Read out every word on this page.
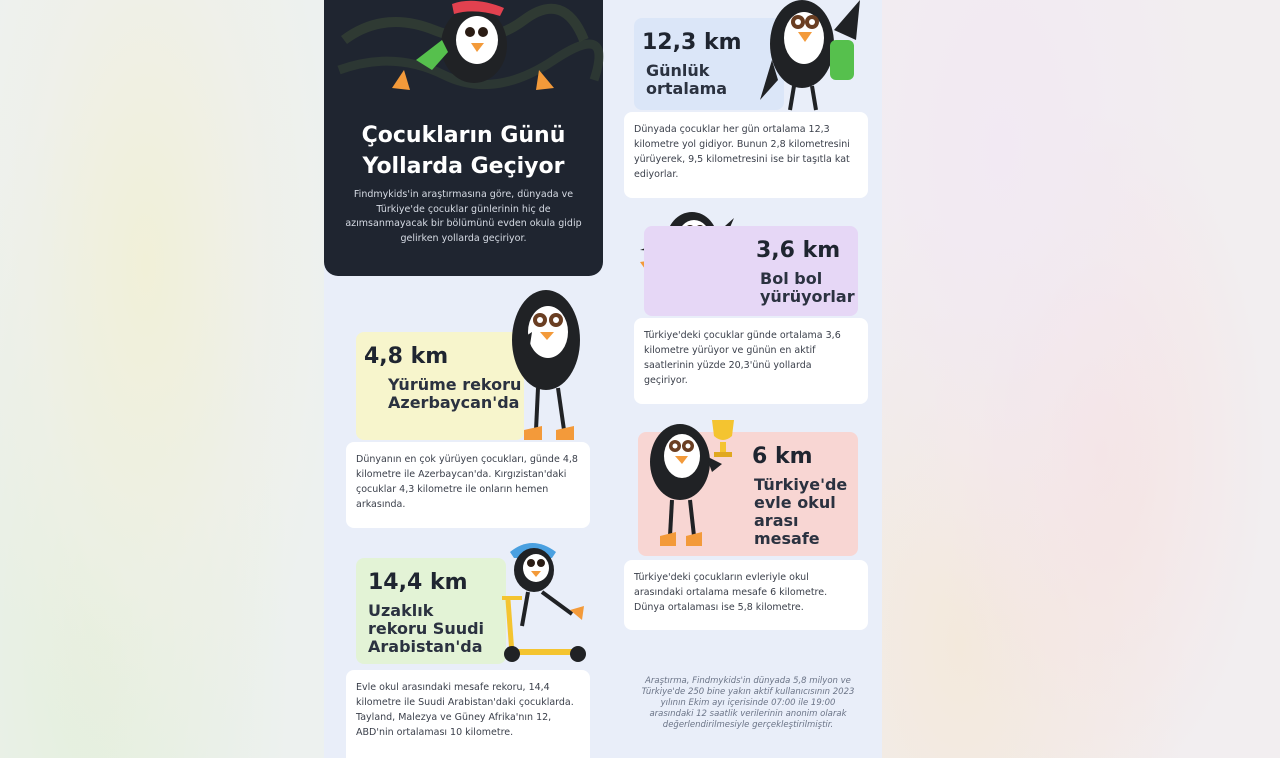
Çocukların Günü
Yollarda Geçiyor
Findmykids'in araştırmasına göre, dünyada ve Türkiye'de çocuklar günlerinin hiç de azımsanmayacak bir bölümünü evden okula gidip gelirken yollarda geçiriyor.
12,3 km
Günlük
ortalama
Dünyada çocuklar her gün ortalama 12,3 kilometre yol gidiyor. Bunun 2,8 kilometresini yürüyerek, 9,5 kilometresini ise bir taşıtla kat ediyorlar.
3,6 km
Bol bol
yürüyorlar
Türkiye'deki çocuklar günde ortalama 3,6 kilometre yürüyor ve günün en aktif saatlerinin yüzde 20,3'ünü yollarda geçiriyor.
4,8 km
Yürüme rekoru
Azerbaycan'da
Dünyanın en çok yürüyen çocukları, günde 4,8 kilometre ile Azerbaycan'da. Kırgızistan'daki çocuklar 4,3 kilometre ile onların hemen arkasında.
6 km
Türkiye'de
evle okul
arası
mesafe
Türkiye'deki çocukların evleriyle okul arasındaki ortalama mesafe 6 kilometre. Dünya ortalaması ise 5,8 kilometre.
14,4 km
Uzaklık
rekoru Suudi
Arabistan'da
Evle okul arasındaki mesafe rekoru, 14,4 kilometre ile Suudi Arabistan'daki çocuklarda. Tayland, Malezya ve Güney Afrika'nın 12, ABD'nin ortalaması 10 kilometre.
Araştırma, Findmykids'in dünyada 5,8 milyon ve Türkiye'de 250 bine yakın aktif kullanıcısının 2023 yılının Ekim ayı içerisinde 07:00 ile 19:00 arasındaki 12 saatlik verilerinin anonim olarak değerlendirilmesiyle gerçekleştirilmiştir.
